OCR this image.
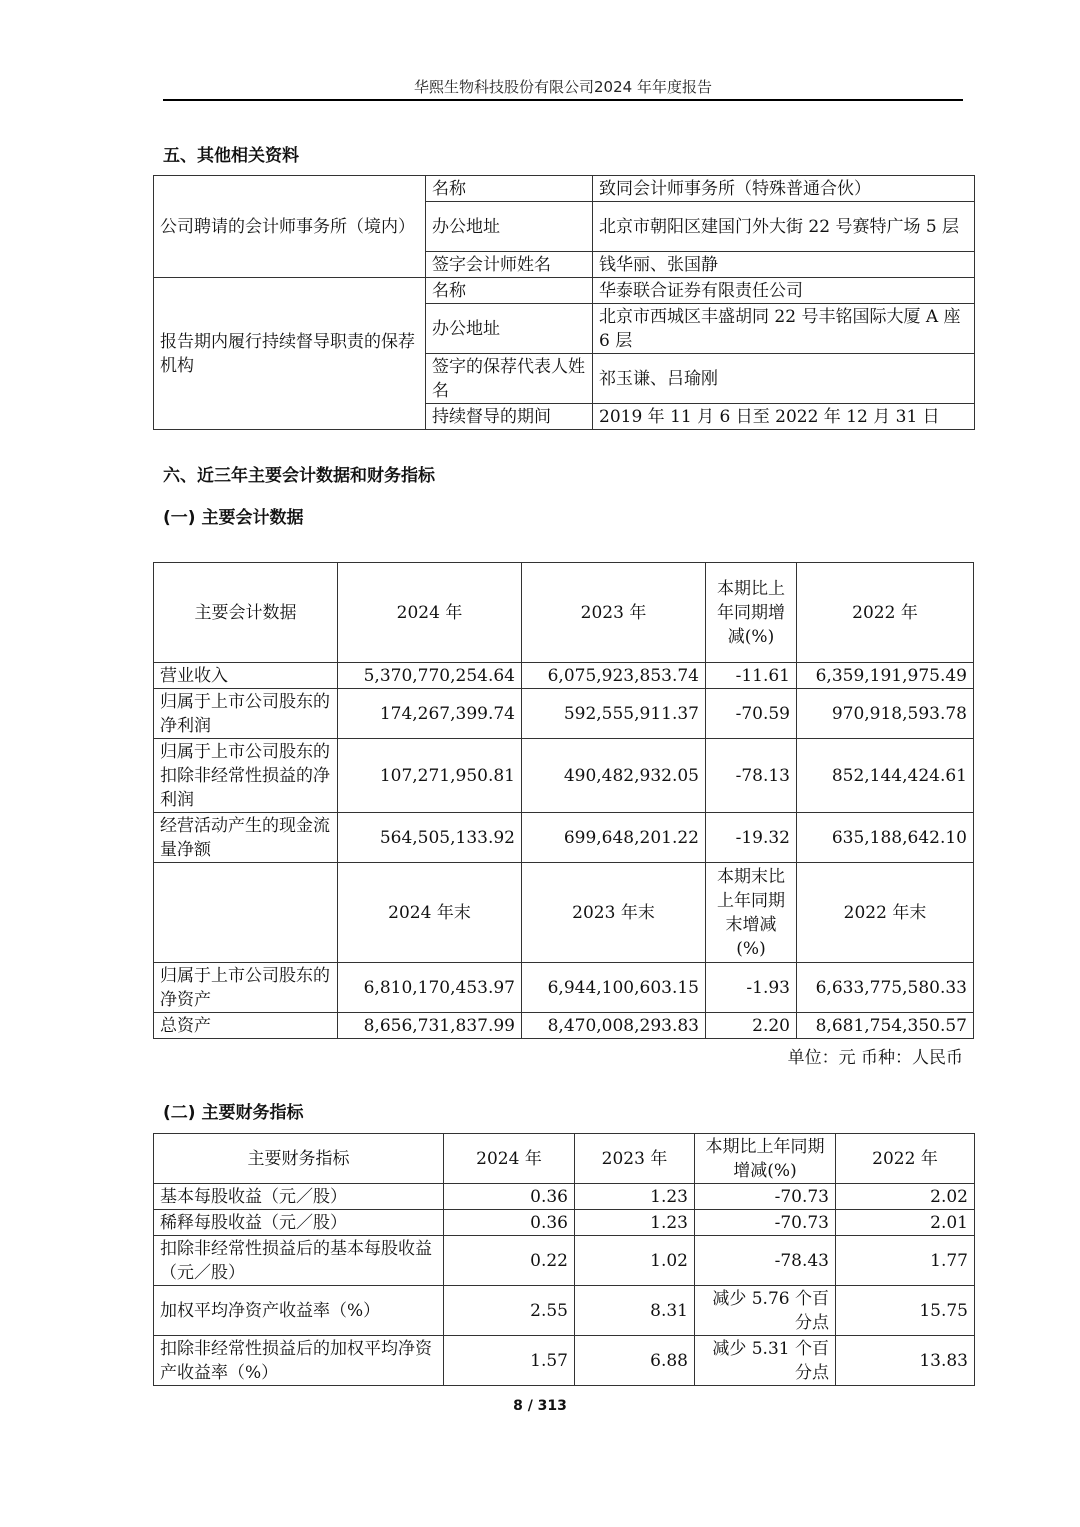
华熙生物科技股份有限公司2024 年年度报告
五、其他相关资料
公司聘请的会计师事务所（境内）	名称	致同会计师事务所（特殊普通合伙）
	办公地址	北京市朝阳区建国门外大街 22 号赛特广场 5 层
	签字会计师姓名	钱华丽、张国静
报告期内履行持续督导职责的保荐机构	名称	华泰联合证券有限责任公司
	办公地址	北京市西城区丰盛胡同 22 号丰铭国际大厦 A 座 6 层
	签字的保荐代表人姓名	祁玉谦、吕瑜刚
	持续督导的期间	2019 年 11 月 6 日至 2022 年 12 月 31 日
六、近三年主要会计数据和财务指标
(一) 主要会计数据
主要会计数据	2024 年	2023 年	本期比上年同期增减(%)	2022 年
营业收入	5,370,770,254.64	6,075,923,853.74	-11.61	6,359,191,975.49
归属于上市公司股东的净利润	174,267,399.74	592,555,911.37	-70.59	970,918,593.78
归属于上市公司股东的扣除非经常性损益的净利润	107,271,950.81	490,482,932.05	-78.13	852,144,424.61
经营活动产生的现金流量净额	564,505,133.92	699,648,201.22	-19.32	635,188,642.10
	2024 年末	2023 年末	本期末比上年同期末增减(%)	2022 年末
归属于上市公司股东的净资产	6,810,170,453.97	6,944,100,603.15	-1.93	6,633,775,580.33
总资产	8,656,731,837.99	8,470,008,293.83	2.20	8,681,754,350.57
单位：元 币种：人民币
(二) 主要财务指标
主要财务指标	2024 年	2023 年	本期比上年同期增减(%)	2022 年
基本每股收益（元／股）	0.36	1.23	-70.73	2.02
稀释每股收益（元／股）	0.36	1.23	-70.73	2.01
扣除非经常性损益后的基本每股收益（元／股）	0.22	1.02	-78.43	1.77
加权平均净资产收益率（%）	2.55	8.31	减少 5.76 个百分点	15.75
扣除非经常性损益后的加权平均净资产收益率（%）	1.57	6.88	减少 5.31 个百分点	13.83
8 / 313
